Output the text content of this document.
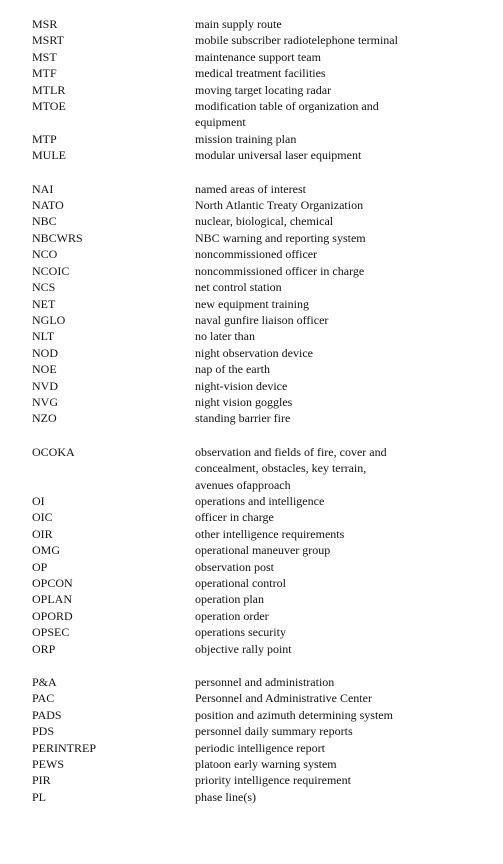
MSR	main supply route
MSRT	mobile subscriber radiotelephone terminal
MST	maintenance support team
MTF	medical treatment facilities
MTLR	moving target locating radar
MTOE	modification table of organization and
equipment
MTP	mission training plan
MULE	modular universal laser equipment
NAI	named areas of interest
NATO	North Atlantic Treaty Organization
NBC	nuclear, biological, chemical
NBCWRS	NBC warning and reporting system
NCO	noncommissioned officer
NCOIC	noncommissioned officer in charge
NCS	net control station
NET	new equipment training
NGLO	naval gunfire liaison officer
NLT	no later than
NOD	night observation device
NOE	nap of the earth
NVD	night-vision device
NVG	night vision goggles
NZO	standing barrier fire
OCOKA	observation and fields of fire, cover and
concealment, obstacles, key terrain,
avenues ofapproach
OI	operations and intelligence
OIC	officer in charge
OIR	other intelligence requirements
OMG	operational maneuver group
OP	observation post
OPCON	operational control
OPLAN	operation plan
OPORD	operation order
OPSEC	operations security
ORP	objective rally point
P&A	personnel and administration
PAC	Personnel and Administrative Center
PADS	position and azimuth determining system
PDS	personnel daily summary reports
PERINTREP	periodic intelligence report
PEWS	platoon early warning system
PIR	priority intelligence requirement
PL	phase line(s)
